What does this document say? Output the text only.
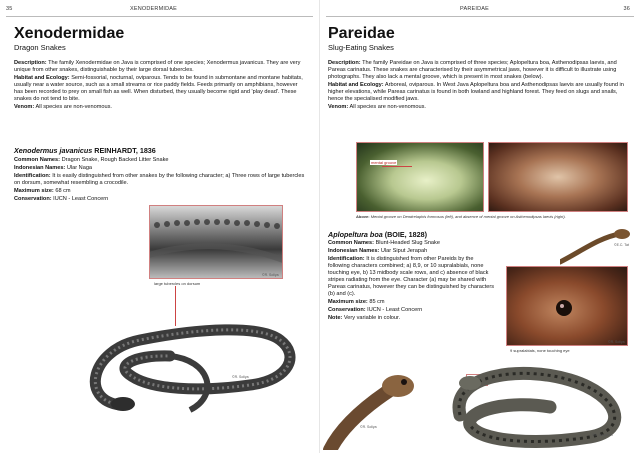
35	XENODERMIDAE
Xenodermidae
Dragon Snakes

Description: The family Xenodermidae on Java is comprised of one species; Xenodermus javanicus. They are very unique from other snakes, distinguishable by their large dorsal tubercles.

Habitat and Ecology: Semi-fossorial, nocturnal, oviparous. Tends to be found in submontane and montane habitats, usually near a water source, such as a small streams or rice paddy fields. Feeds primarily on amphibians, however has been recorded to prey on small fish as well. When disturbed, they usually become rigid and 'play dead'. These snakes do not tend to bite.

Venom: All species are non-venomous.

Xenodermus javanicus REINHARDT, 1836

Common Names: Dragon Snake, Rough Backed Litter Snake

Indonesian Names: Ular Naga

Identification: It is easily distinguished from other snakes by the following character; a) Three rows of large tubercles on dorsum, somewhat resembling a crocodile.

Maximum size: 68 cm

Conservation: IUCN - Least Concern

©R. Soliya
large tubercles on dorsum
©R. Soliya
PAREIDAE	36
Pareidae
Slug-Eating Snakes

Description: The family Pareidae on Java is comprised of three species; Aplopeltura boa, Asthenodipsas laevis, and Pareas carinatus. These snakes are characterised by their asymmetrical jaws, however it is difficult to illustrate using photographs. They also lack a mental groove, which is present in most snakes (below).

Habitat and Ecology: Arboreal, oviparous. In West Java Aplopeltura boa and Asthenodipsas laevis are usually found in higher elevations, while Pareas carinatus is found in both lowland and highland forest. They feed on slugs and snails, hence the specialised modified jaws.

Venom: All species are non-venomous.

mental groove
Above: Mental groove on Dendrelaphis formosus (left), and absence of mental groove on Asthenodipsas laevis (right).
Aplopeltura boa (BOIE, 1828)

Common Names: Blunt-Headed Slug Snake

Indonesian Names: Ular Siput Jerapah

Identification: It is distinguished from other Pareids by the following characters combined; a) 8,9, or 10 supralabials, none touching eye, b) 13 midbody scale rows, and c) absence of black stripes radiating from the eye. Character (a) may be shared with Pareas carinatus, however they can be distinguished by characters (b) and (c).

Maximum size: 85 cm

Conservation: IUCN - Least Concern

Note: Very variable in colour.

©E.C. Tat
©R. Soliya
9 supralabials, none touching eye
©R. Soliya
©A. Nasution
